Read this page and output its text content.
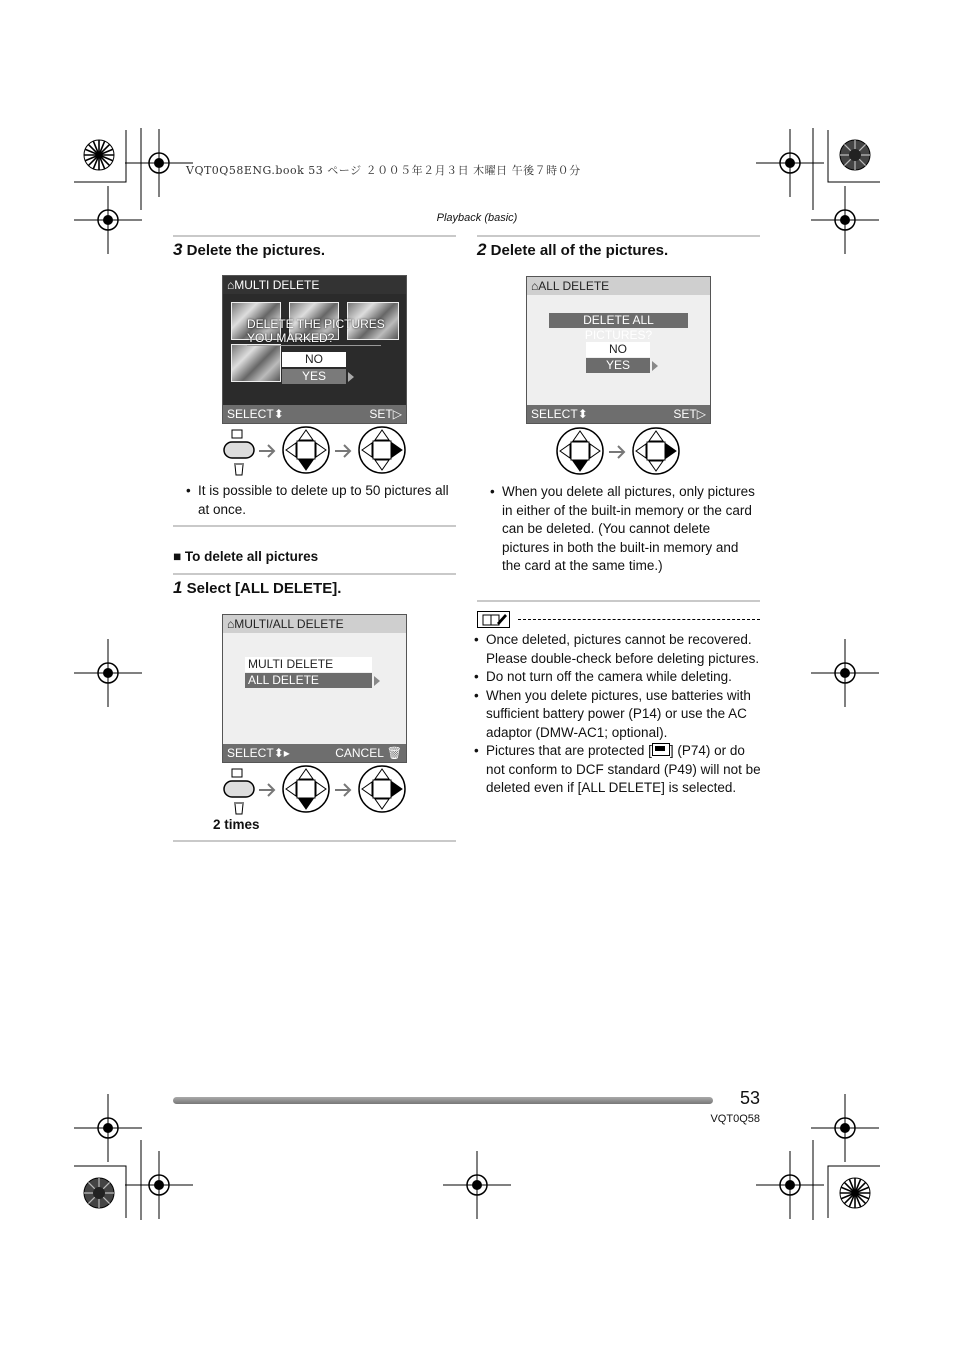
VQT0Q58ENG.book 53 ページ ２００５年２月３日 木曜日 午後７時０分
Playback (basic)
3 Delete the pictures.
⌂ MULTI DELETE
DELETE THE PICTURES
YOU MARKED?
NO
YES
SELECT ⬍	SET▷
• It is possible to delete up to 50 pictures all at once.
■ To delete all pictures
1 Select [ALL DELETE].
⌂ MULTI/ALL DELETE
MULTI DELETE
ALL DELETE
SELECT ⬍▸	CANCEL 🗑
2 times
2 Delete all of the pictures.
⌂ ALL DELETE
DELETE ALL PICTURES?
NO
YES
SELECT ⬍	SET▷
• When you delete all pictures, only pictures in either of the built-in memory or the card can be deleted. (You cannot delete pictures in both the built-in memory and the card at the same time.)
• Once deleted, pictures cannot be recovered. Please double-check before deleting pictures.
• Do not turn off the camera while deleting.
• When you delete pictures, use batteries with sufficient battery power (P14) or use the AC adaptor (DMW-AC1; optional).
• Pictures that are protected [ ] (P74) or do not conform to DCF standard (P49) will not be deleted even if [ALL DELETE] is selected.
53
VQT0Q58
